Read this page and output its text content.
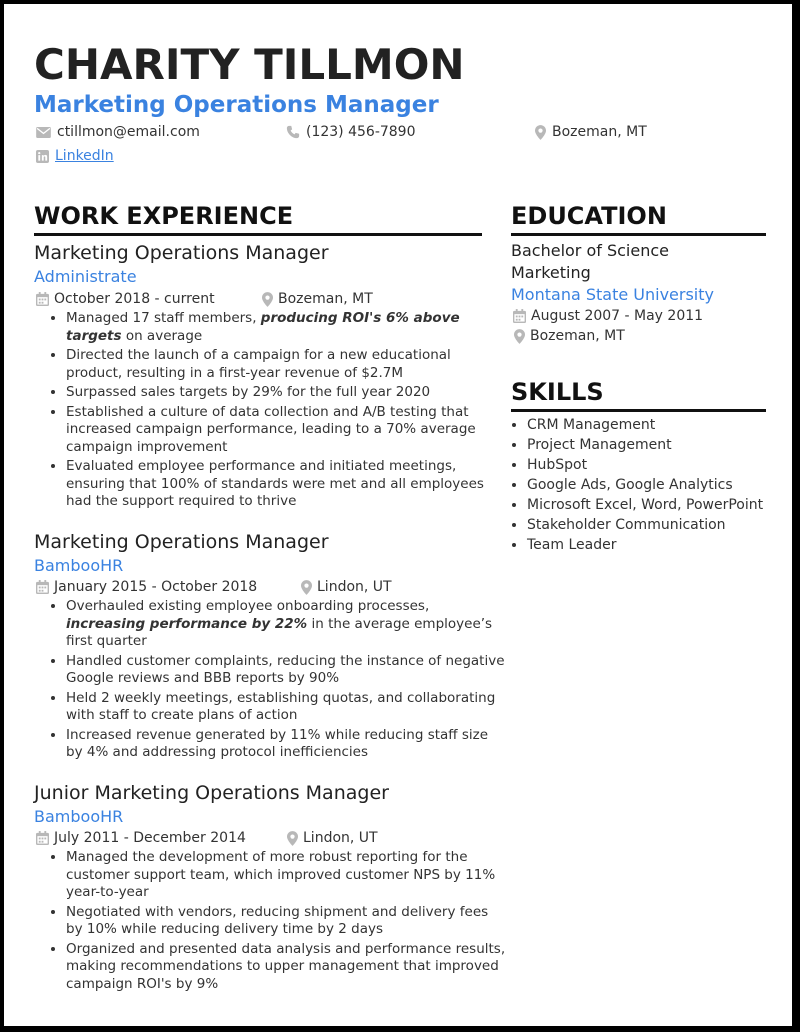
CHARITY TILLMON
Marketing Operations Manager
ctillmon@email.com	(123) 456-7890	Bozeman, MT
LinkedIn
WORK EXPERIENCE
Marketing Operations Manager
Administrate
October 2018 - current	Bozeman, MT
• Managed 17 staff members, producing ROI's 6% above targets on average
• Directed the launch of a campaign for a new educational product, resulting in a first-year revenue of $2.7M
• Surpassed sales targets by 29% for the full year 2020
• Established a culture of data collection and A/B testing that increased campaign performance, leading to a 70% average campaign improvement
• Evaluated employee performance and initiated meetings, ensuring that 100% of standards were met and all employees had the support required to thrive
Marketing Operations Manager
BambooHR
January 2015 - October 2018	Lindon, UT
• Overhauled existing employee onboarding processes, increasing performance by 22% in the average employee’s first quarter
• Handled customer complaints, reducing the instance of negative Google reviews and BBB reports by 90%
• Held 2 weekly meetings, establishing quotas, and collaborating with staff to create plans of action
• Increased revenue generated by 11% while reducing staff size by 4% and addressing protocol inefficiencies
Junior Marketing Operations Manager
BambooHR
July 2011 - December 2014	Lindon, UT
• Managed the development of more robust reporting for the customer support team, which improved customer NPS by 11% year-to-year
• Negotiated with vendors, reducing shipment and delivery fees by 10% while reducing delivery time by 2 days
• Organized and presented data analysis and performance results, making recommendations to upper management that improved campaign ROI's by 9%
EDUCATION
Bachelor of Science
Marketing
Montana State University
August 2007 - May 2011
Bozeman, MT
SKILLS
• CRM Management
• Project Management
• HubSpot
• Google Ads, Google Analytics
• Microsoft Excel, Word, PowerPoint
• Stakeholder Communication
• Team Leader
